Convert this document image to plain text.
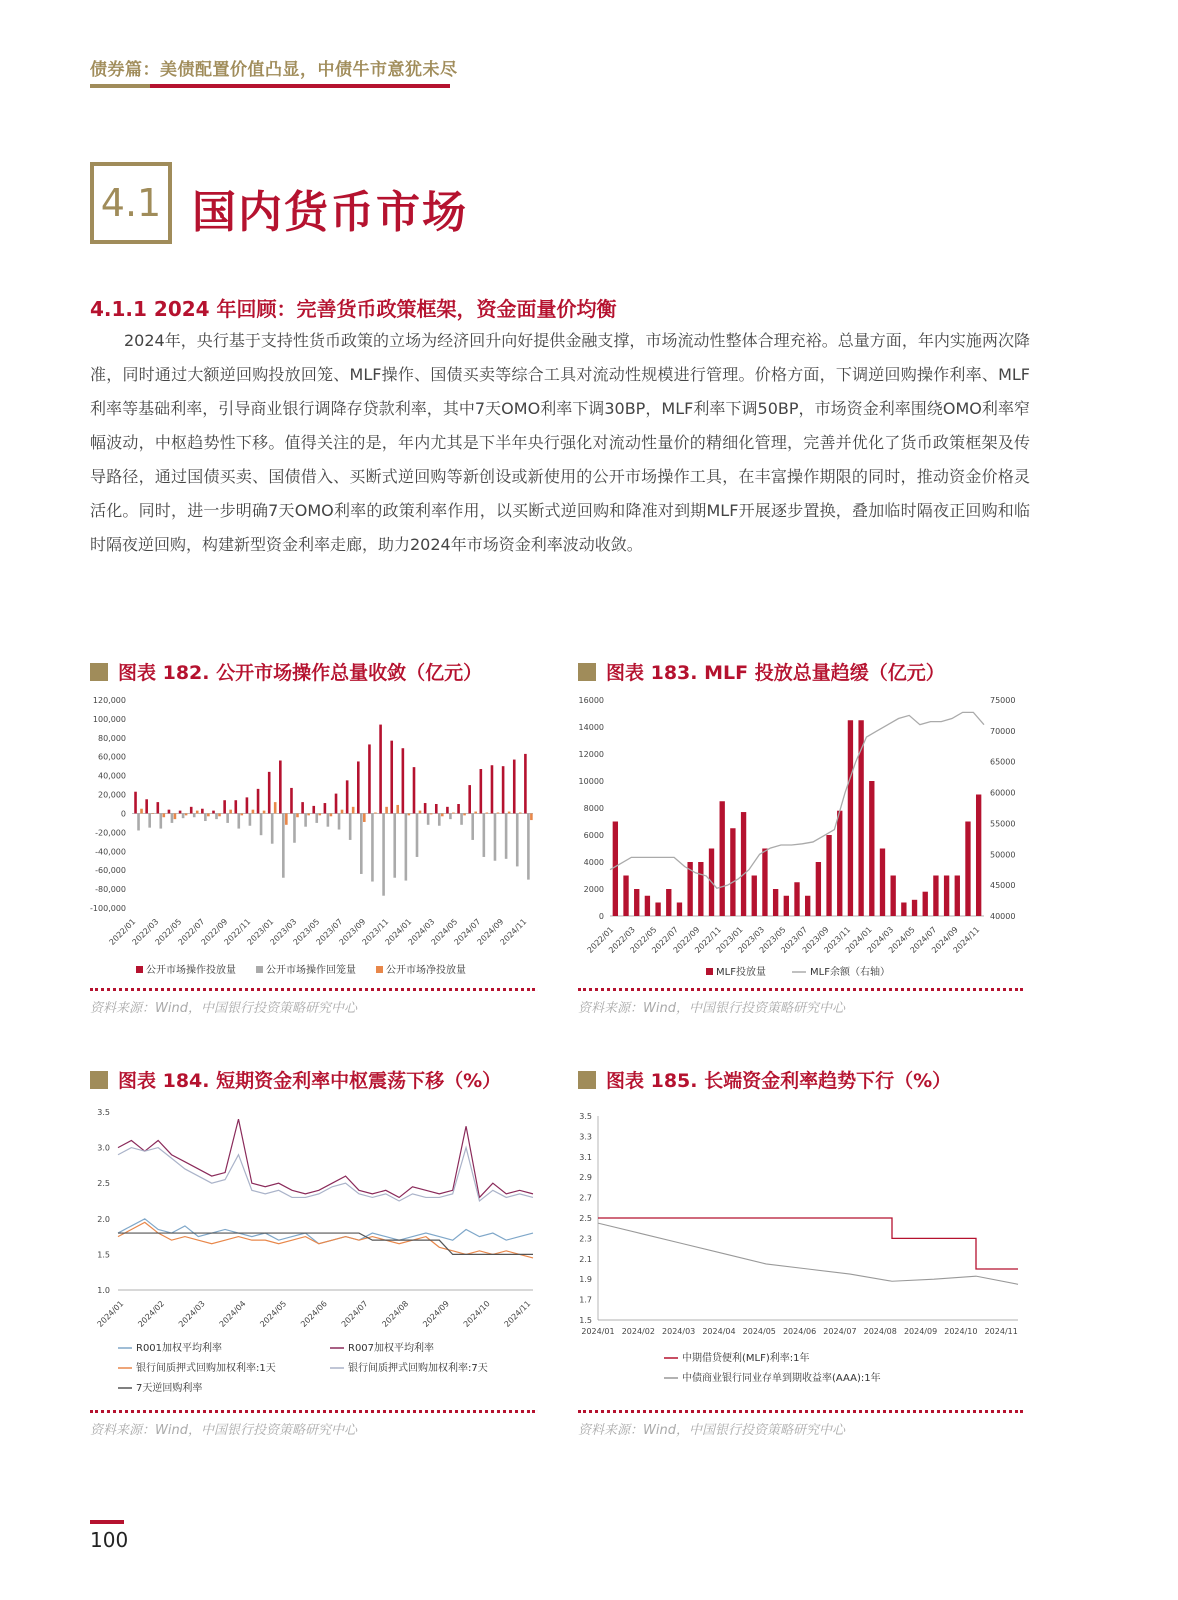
债券篇：美债配置价值凸显，中债牛市意犹未尽
4.1 国内货币市场
4.1.1 2024 年回顾：完善货币政策框架，资金面量价均衡
2024年，央行基于支持性货币政策的立场为经济回升向好提供金融支撑，市场流动性整体合理充裕。总量方面，年内实施两次降准，同时通过大额逆回购投放回笼、MLF操作、国债买卖等综合工具对流动性规模进行管理。价格方面，下调逆回购操作利率、MLF利率等基础利率，引导商业银行调降存贷款利率，其中7天OMO利率下调30BP，MLF利率下调50BP，市场资金利率围绕OMO利率窄幅波动，中枢趋势性下移。值得关注的是，年内尤其是下半年央行强化对流动性量价的精细化管理，完善并优化了货币政策框架及传导路径，通过国债买卖、国债借入、买断式逆回购等新创设或新使用的公开市场操作工具，在丰富操作期限的同时，推动资金价格灵活化。同时，进一步明确7天OMO利率的政策利率作用，以买断式逆回购和降准对到期MLF开展逐步置换，叠加临时隔夜正回购和临时隔夜逆回购，构建新型资金利率走廊，助力2024年市场资金利率波动收敛。
图表 182. 公开市场操作总量收敛（亿元）
120,000
100,000
80,000
60,000
40,000
20,000
0
-20,000
-40,000
-60,000
-80,000
-100,000
2022/01
2022/03
2022/05
2022/07
2022/09
2022/11
2023/01
2023/03
2023/05
2023/07
2023/09
2023/11
2024/01
2024/03
2024/05
2024/07
2024/09
2024/11
公开市场操作投放量	公开市场操作回笼量	公开市场净投放量
资料来源：Wind，中国银行投资策略研究中心
图表 183. MLF 投放总量趋缓（亿元）
16000
14000
12000
10000
8000
6000
4000
2000
0
75000
70000
65000
60000
55000
50000
45000
40000
2022/01
2022/03
2022/05
2022/07
2022/09
2022/11
2023/01
2023/03
2023/05
2023/07
2023/09
2023/11
2024/01
2024/03
2024/05
2024/07
2024/09
2024/11
MLF投放量	MLF余额（右轴）
资料来源：Wind，中国银行投资策略研究中心
图表 184. 短期资金利率中枢震荡下移（%）
3.5
3.0
2.5
2.0
1.5
1.0
2024/01 2024/02 2024/03 2024/04 2024/05 2024/06 2024/07 2024/08 2024/09 2024/10 2024/11
R001加权平均利率	R007加权平均利率
银行间质押式回购加权利率:1天	银行间质押式回购加权利率:7天
7天逆回购利率
资料来源：Wind，中国银行投资策略研究中心
图表 185. 长端资金利率趋势下行（%）
3.5
3.3
3.1
2.9
2.7
2.5
2.3
2.1
1.9
1.7
1.5
2024/01 2024/02 2024/03 2024/04 2024/05 2024/06 2024/07 2024/08 2024/09 2024/10 2024/11
中期借贷便利(MLF)利率:1年
中债商业银行同业存单到期收益率(AAA):1年
资料来源：Wind，中国银行投资策略研究中心
100
